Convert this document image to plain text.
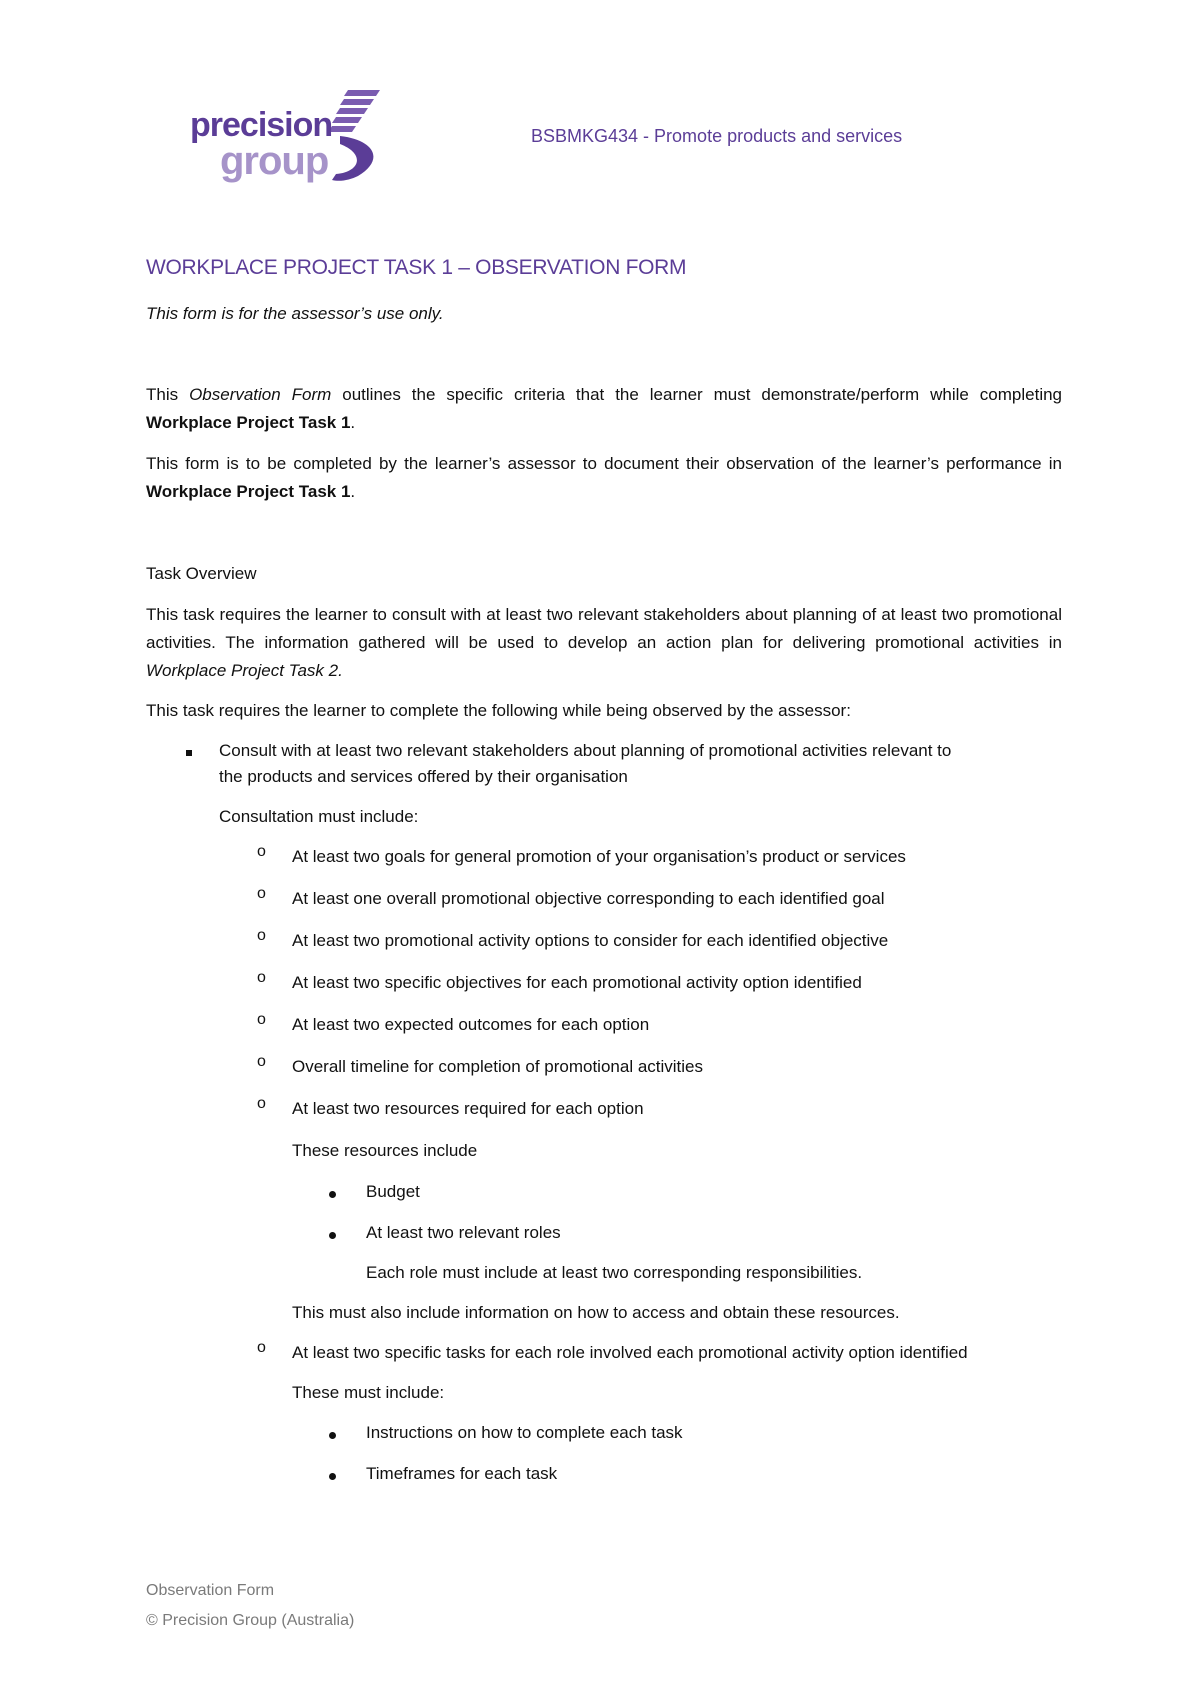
precision
group
BSBMKG434 - Promote products and services
WORKPLACE PROJECT TASK 1 – OBSERVATION FORM
This form is for the assessor’s use only.
This Observation Form outlines the specific criteria that the learner must demonstrate/perform while completing Workplace Project Task 1.
This form is to be completed by the learner’s assessor to document their observation of the learner’s performance in Workplace Project Task 1.
Task Overview
This task requires the learner to consult with at least two relevant stakeholders about planning of at least two promotional activities. The information gathered will be used to develop an action plan for delivering promotional activities in Workplace Project Task 2.
This task requires the learner to complete the following while being observed by the assessor:
Consult with at least two relevant stakeholders about planning of promotional activities relevant to
the products and services offered by their organisation
Consultation must include:
o At least two goals for general promotion of your organisation’s product or services
o At least one overall promotional objective corresponding to each identified goal
o At least two promotional activity options to consider for each identified objective
o At least two specific objectives for each promotional activity option identified
o At least two expected outcomes for each option
o Overall timeline for completion of promotional activities
o At least two resources required for each option
These resources include
Budget
At least two relevant roles
Each role must include at least two corresponding responsibilities.
This must also include information on how to access and obtain these resources.
o At least two specific tasks for each role involved each promotional activity option identified
These must include:
Instructions on how to complete each task
Timeframes for each task
Observation Form
© Precision Group (Australia)
